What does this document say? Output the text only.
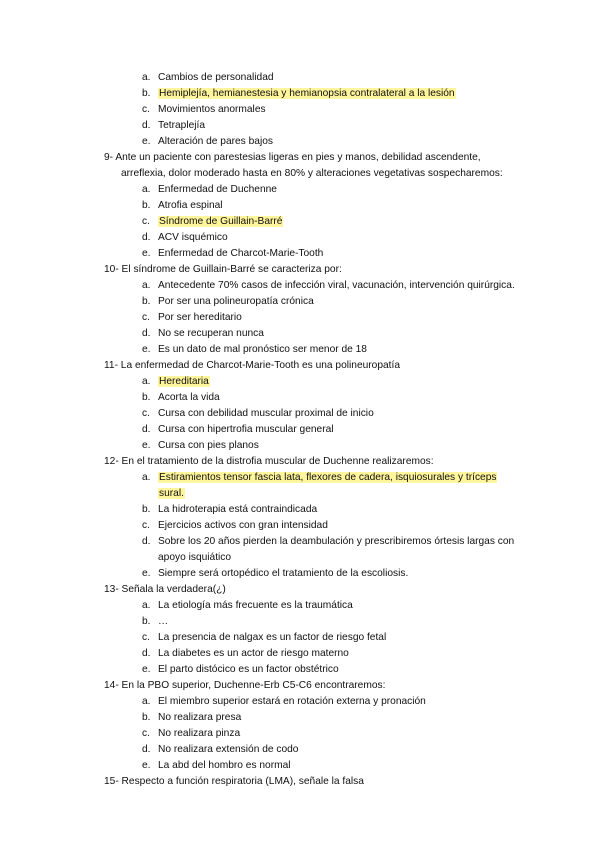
a. Cambios de personalidad
b. Hemiplejía, hemianestesia y hemianopsia contralateral a la lesión
c. Movimientos anormales
d. Tetraplejía
e. Alteración de pares bajos
9- Ante un paciente con parestesias ligeras en pies y manos, debilidad ascendente,
arreflexia, dolor moderado hasta en 80% y alteraciones vegetativas sospecharemos:
a. Enfermedad de Duchenne
b. Atrofia espinal
c. Síndrome de Guillain-Barré
d. ACV isquémico
e. Enfermedad de Charcot-Marie-Tooth
10- El síndrome de Guillain-Barré se caracteriza por:
a. Antecedente 70% casos de infección viral, vacunación, intervención quirúrgica.
b. Por ser una polineuropatía crónica
c. Por ser hereditario
d. No se recuperan nunca
e. Es un dato de mal pronóstico ser menor de 18
11- La enfermedad de Charcot-Marie-Tooth es una polineuropatía
a. Hereditaria
b. Acorta la vida
c. Cursa con debilidad muscular proximal de inicio
d. Cursa con hipertrofia muscular general
e. Cursa con pies planos
12- En el tratamiento de la distrofia muscular de Duchenne realizaremos:
a. Estiramientos tensor fascia lata, flexores de cadera, isquiosurales y tríceps
sural.
b. La hidroterapia está contraindicada
c. Ejercicios activos con gran intensidad
d. Sobre los 20 años pierden la deambulación y prescribiremos órtesis largas con
apoyo isquiático
e. Siempre será ortopédico el tratamiento de la escoliosis.
13- Señala la verdadera(¿)
a. La etiología más frecuente es la traumática
b. …
c. La presencia de nalgax es un factor de riesgo fetal
d. La diabetes es un actor de riesgo materno
e. El parto distócico es un factor obstétrico
14- En la PBO superior, Duchenne-Erb C5-C6 encontraremos:
a. El miembro superior estará en rotación externa y pronación
b. No realizara presa
c. No realizara pinza
d. No realizara extensión de codo
e. La abd del hombro es normal
15- Respecto a función respiratoria (LMA), señale la falsa
